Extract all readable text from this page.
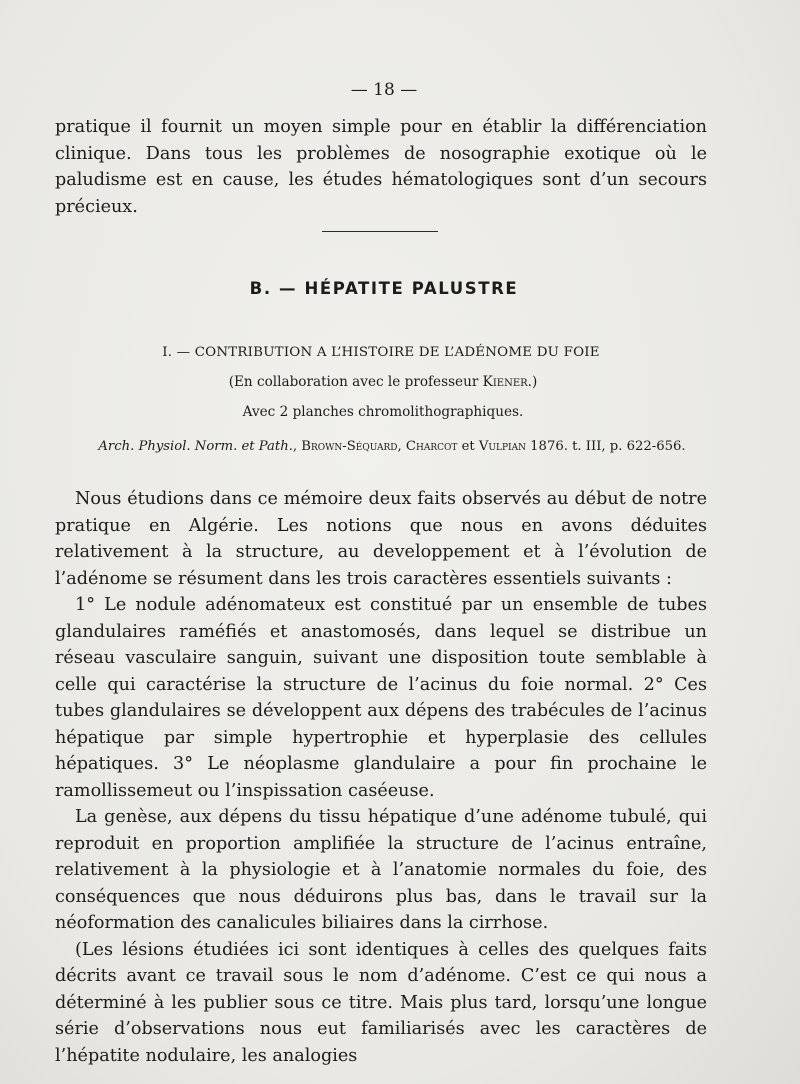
— 18 —

pratique il fournit un moyen simple pour en établir la différenciation clinique. Dans tous les problèmes de nosographie exotique où le paludisme est en cause, les études hématologiques sont d’un secours précieux.

B. — HÉPATITE PALUSTRE
I. — CONTRIBUTION A L’HISTOIRE DE L’ADÉNOME DU FOIE
(En collaboration avec le professeur Kiener.)
Avec 2 planches chromolithographiques.
Arch. Physiol. Norm. et Path., Brown-Séquard, Charcot et Vulpian 1876. t. III, p. 622-656.

Nous étudions dans ce mémoire deux faits observés au début de notre pratique en Algérie. Les notions que nous en avons déduites relativement à la structure, au developpement et à l’évolution de l’adénome se résument dans les trois caractères essentiels suivants :

1° Le nodule adénomateux est constitué par un ensemble de tubes glandulaires raméfiés et anastomosés, dans lequel se distribue un réseau vasculaire sanguin, suivant une disposition toute semblable à celle qui caractérise la structure de l’acinus du foie normal. 2° Ces tubes glandulaires se développent aux dépens des trabécules de l’acinus hépatique par simple hypertrophie et hyperplasie des cellules hépatiques. 3° Le néoplasme glandulaire a pour fin prochaine le ramollissemeut ou l’inspissation caséeuse.

La genèse, aux dépens du tissu hépatique d’une adénome tubulé, qui reproduit en proportion amplifiée la structure de l’acinus entraîne, relativement à la physiologie et à l’anatomie normales du foie, des conséquences que nous déduirons plus bas, dans le travail sur la néoformation des canalicules biliaires dans la cirrhose.

(Les lésions étudiées ici sont identiques à celles des quelques faits décrits avant ce travail sous le nom d’adénome. C’est ce qui nous a déterminé à les publier sous ce titre. Mais plus tard, lorsqu’une longue série d’observations nous eut familiarisés avec les caractères de l’hépatite nodulaire, les analogies
